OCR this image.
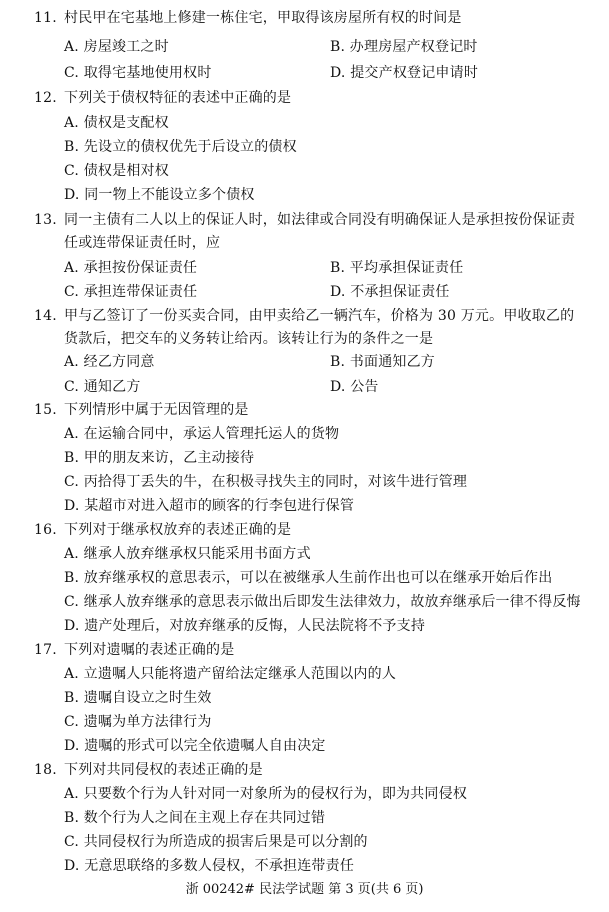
11. 村民甲在宅基地上修建一栋住宅，甲取得该房屋所有权的时间是
A. 房屋竣工之时	B. 办理房屋产权登记时
C. 取得宅基地使用权时	D. 提交产权登记申请时
12. 下列关于债权特征的表述中正确的是
A. 债权是支配权
B. 先设立的债权优先于后设立的债权
C. 债权是相对权
D. 同一物上不能设立多个债权
13. 同一主债有二人以上的保证人时，如法律或合同没有明确保证人是承担按份保证责
任或连带保证责任时，应
A. 承担按份保证责任	B. 平均承担保证责任
C. 承担连带保证责任	D. 不承担保证责任
14. 甲与乙签订了一份买卖合同，由甲卖给乙一辆汽车，价格为 30 万元。甲收取乙的
货款后，把交车的义务转让给丙。该转让行为的条件之一是
A. 经乙方同意	B. 书面通知乙方
C. 通知乙方	D. 公告
15. 下列情形中属于无因管理的是
A. 在运输合同中，承运人管理托运人的货物
B. 甲的朋友来访，乙主动接待
C. 丙拾得丁丢失的牛，在积极寻找失主的同时，对该牛进行管理
D. 某超市对进入超市的顾客的行李包进行保管
16. 下列对于继承权放弃的表述正确的是
A. 继承人放弃继承权只能采用书面方式
B. 放弃继承权的意思表示，可以在被继承人生前作出也可以在继承开始后作出
C. 继承人放弃继承的意思表示做出后即发生法律效力，故放弃继承后一律不得反悔
D. 遗产处理后，对放弃继承的反悔，人民法院将不予支持
17. 下列对遗嘱的表述正确的是
A. 立遗嘱人只能将遗产留给法定继承人范围以内的人
B. 遗嘱自设立之时生效
C. 遗嘱为单方法律行为
D. 遗嘱的形式可以完全依遗嘱人自由决定
18. 下列对共同侵权的表述正确的是
A. 只要数个行为人针对同一对象所为的侵权行为，即为共同侵权
B. 数个行为人之间在主观上存在共同过错
C. 共同侵权行为所造成的损害后果是可以分割的
D. 无意思联络的多数人侵权，不承担连带责任
浙 00242# 民法学试题 第 3 页(共 6 页)
